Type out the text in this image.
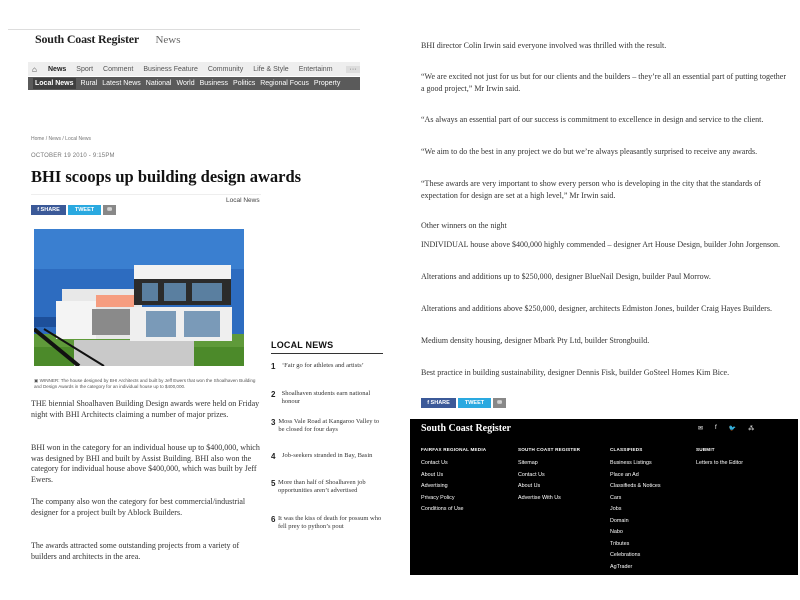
South Coast Register News
⌂	News Sport Comment Business Feature Community Life & Style Entertainm	···
Local News Rural Latest News National World Business Politics Regional Focus Property
Home / News / Local News
OCTOBER 19 2010 - 9:15PM
BHI scoops up building design awards
Local News
f SHARE	TWEET	✉
▣ WINNER: The house designed by BHI Architects and built by Jeff Ewers that won the Shoalhaven Building and Design Awards in the category for an individual house up to $400,000.

THE biennial Shoalhaven Building Design awards were held on Friday night with BHI Architects claiming a number of major prizes.

BHI won in the category for an individual house up to $400,000, which was designed by BHI and built by Assist Building. BHI also won the category for individual house above $400,000, which was built by Jeff Ewers.

The company also won the category for best commercial/industrial designer for a project built by Ablock Builders.

The awards attracted some outstanding projects from a variety of builders and architects in the area.

LOCAL NEWS
1	‘Fair go for athletes and artists’
2 Shoalhaven students earn national honour
3 Moss Vale Road at Kangaroo Valley to be closed for four days
4	Job-seekers stranded in Bay, Basin
5 More than half of Shoalhaven job opportunities aren’t advertised
6 It was the kiss of death for possum who fell prey to python’s pout

BHI director Colin Irwin said everyone involved was thrilled with the result.

“We are excited not just for us but for our clients and the builders – they’re all an essential part of putting together a good project,” Mr Irwin said.

“As always an essential part of our success is commitment to excellence in design and service to the client.

“We aim to do the best in any project we do but we’re always pleasantly surprised to receive any awards.

“These awards are very important to show every person who is developing in the city that the standards of expectation for design are set at a high level,” Mr Irwin said.

Other winners on the night

INDIVIDUAL house above $400,000 highly commended – designer Art House Design, builder John Jorgenson.

Alterations and additions up to $250,000, designer BlueNail Design, builder Paul Morrow.

Alterations and additions above $250,000, designer, architects Edmiston Jones, builder Craig Hayes Builders.

Medium density housing, designer Mbark Pty Ltd, builder Strongbuild.

Best practice in building sustainability, designer Dennis Fisk, builder GoSteel Homes Kim Bice.

f SHARE	TWEET	✉
South Coast Register	✉ f 🐦 ⁂
FAIRFAX REGIONAL MEDIA
Contact Us
About Us
Advertising
Privacy Policy
Conditions of Use
SOUTH COAST REGISTER
Sitemap
Contact Us
About Us
Advertise With Us
CLASSIFIEDS
Business Listings
Place an Ad
Classifieds & Notices
Cars
Jobs
Domain
Nabo
Tributes
Celebrations
AgTrader
SUBMIT
Letters to the Editor
